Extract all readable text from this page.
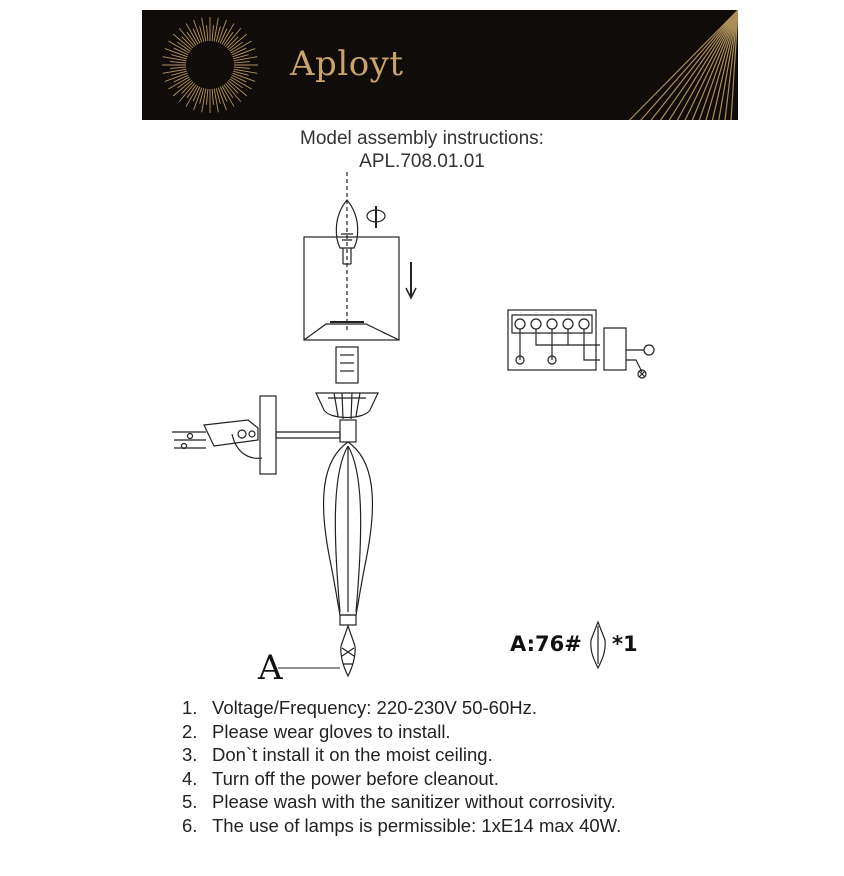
Aployt
Model assembly instructions:
APL.708.01.01
A
A:76# *1
1. Voltage/Frequency: 220-230V 50-60Hz.
2. Please wear gloves to install.
3. Don`t install it on the moist ceiling.
4. Turn off the power before cleanout.
5. Please wash with the sanitizer without corrosivity.
6. The use of lamps is permissible: 1xE14 max 40W.
